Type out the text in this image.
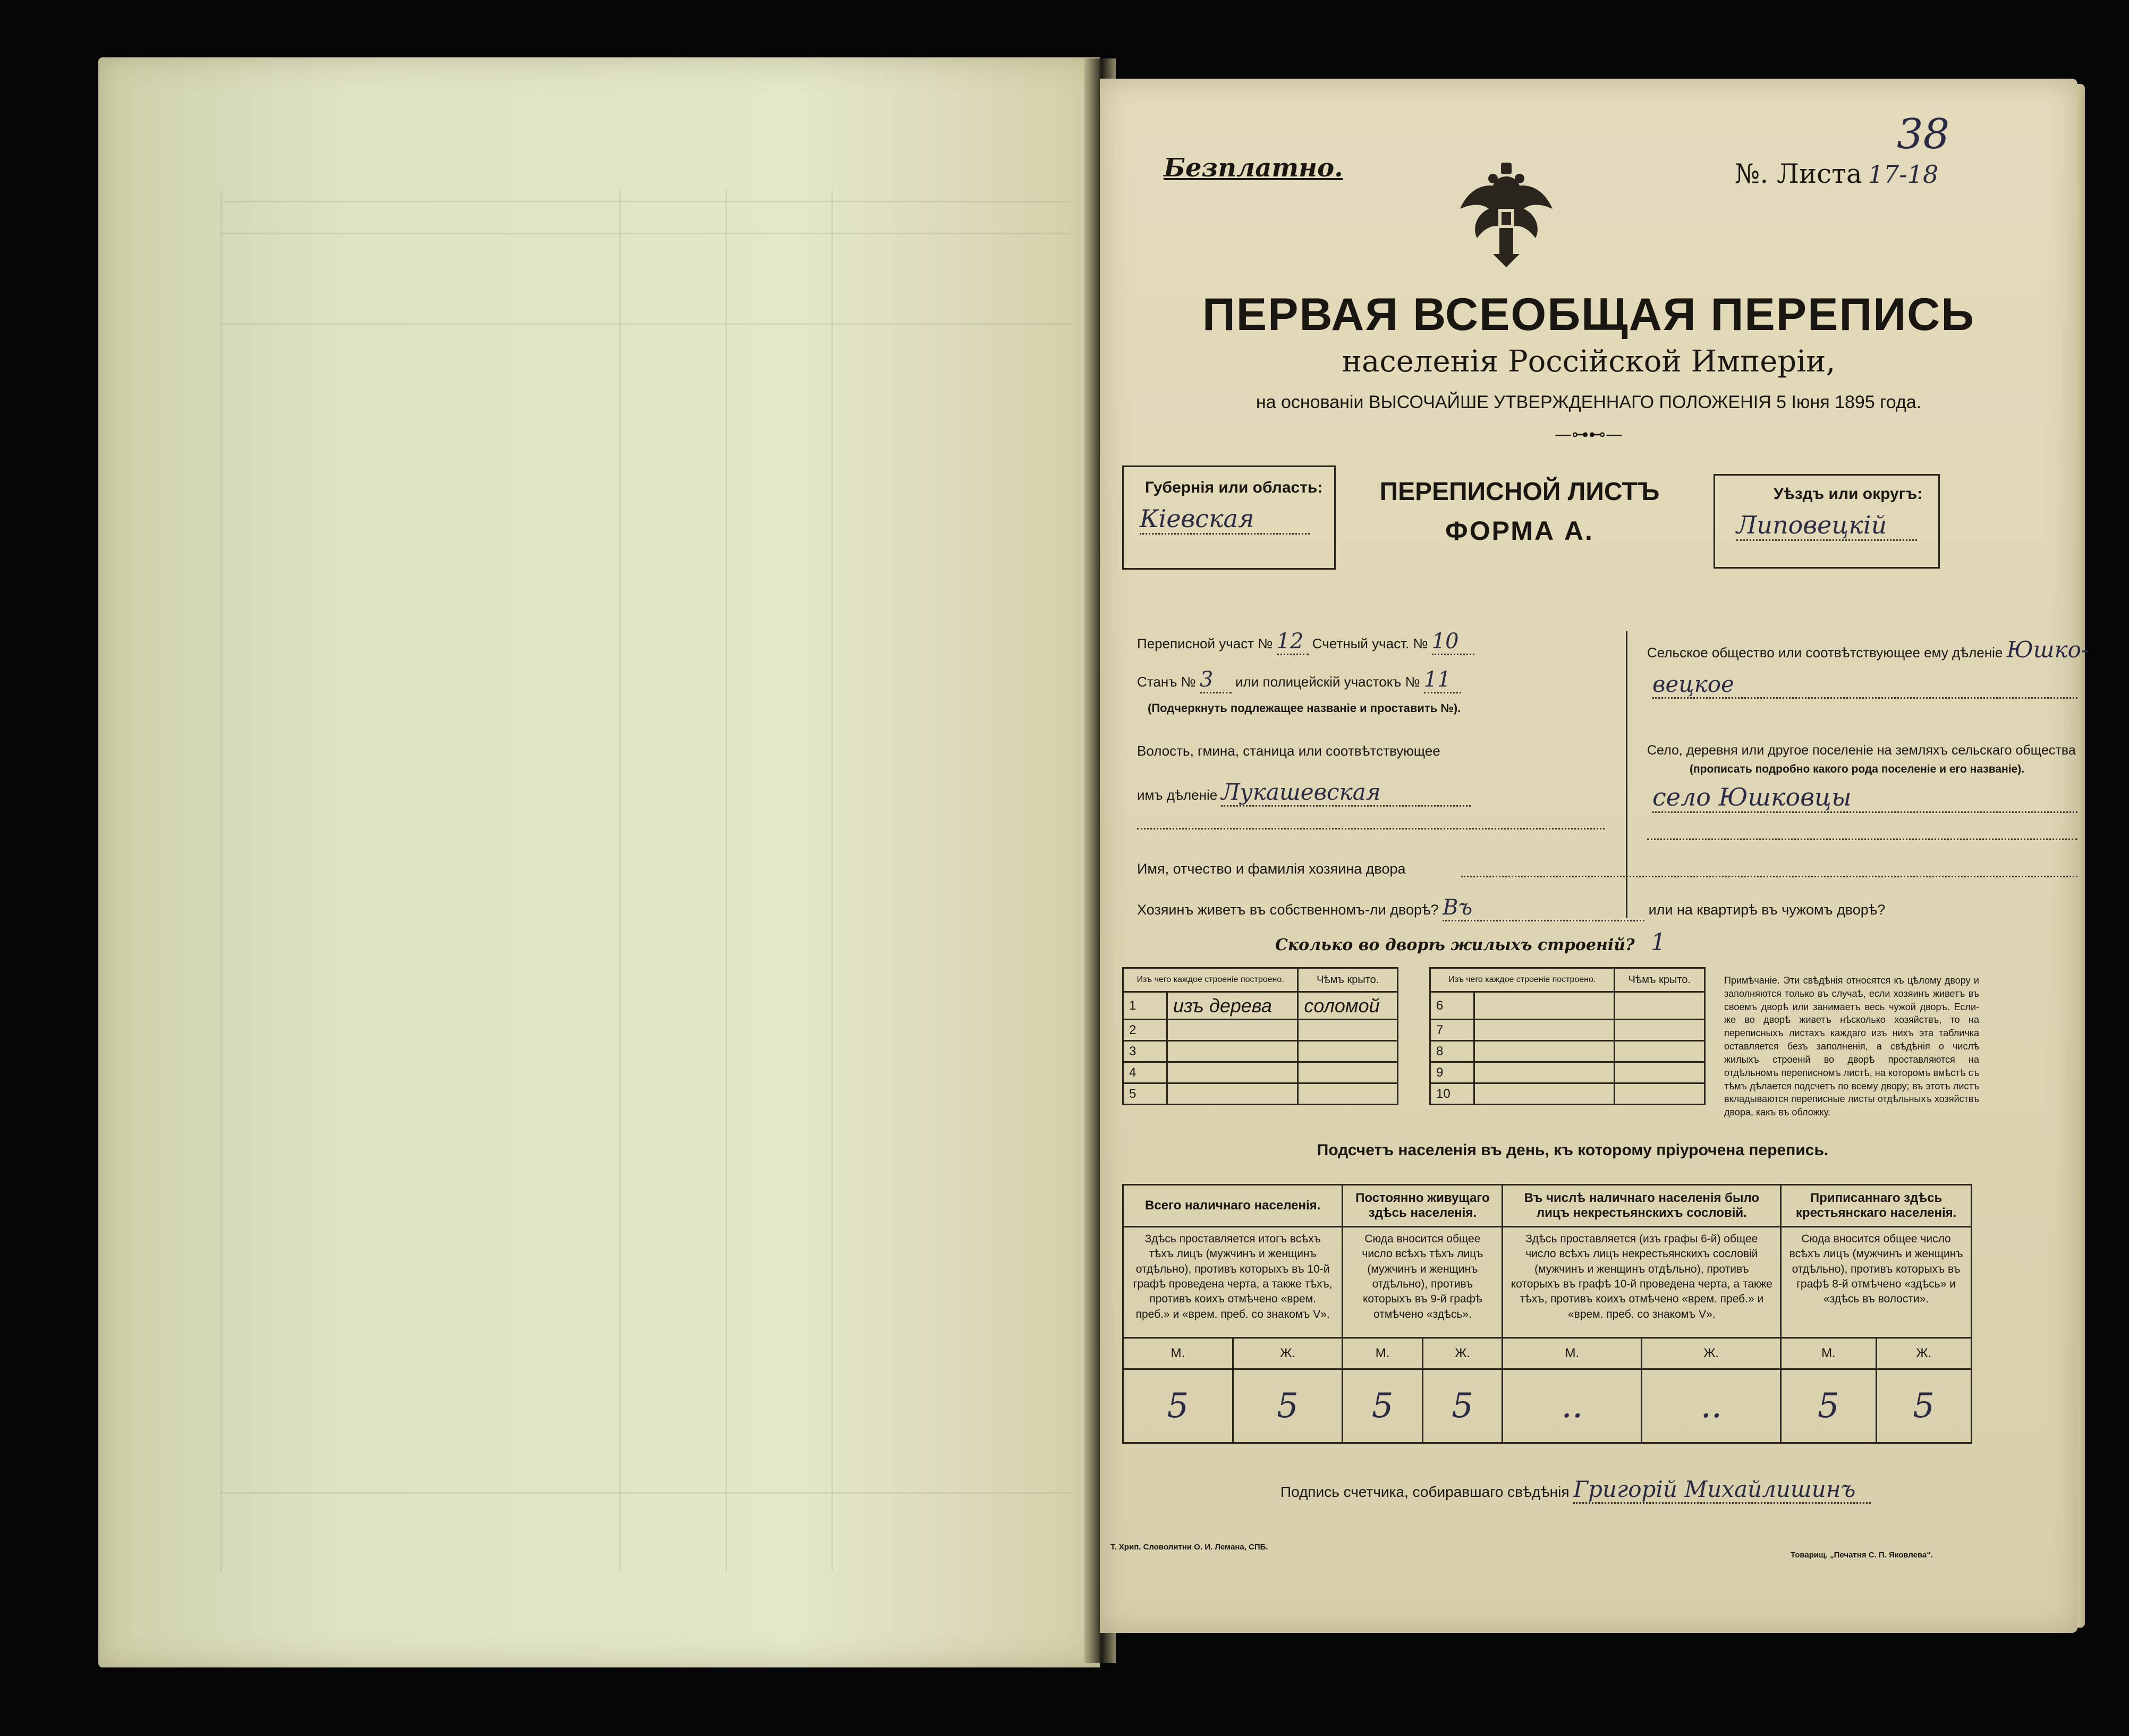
38
Безплатно.	№. Листа 17-18
ПЕРВАЯ ВСЕОБЩАЯ ПЕРЕПИСЬ
населенія Россійской Имперіи,
на основаніи ВЫСОЧАЙШЕ УТВЕРЖДЕННАГО ПОЛОЖЕНІЯ 5 Іюня 1895 года.
—⊶⊷—
Губернія или область:
Кіевская
ПЕРЕПИСНОЙ ЛИСТЪ
ФОРМА А.
Уѣздъ или округъ:
Липовецкій
Переписной участ № 12 Счетный участ. № 10
Станъ № 3 или полицейскій участокъ № 11
(Подчеркнуть подлежащее названіе и проставить №).
Волость, гмина, станица или соотвѣтствующее
имъ дѣленіе Лукашевская
Сельское общество или соотвѣтствующее ему дѣленіе Юшко-
вецкое
Село, деревня или другое поселеніе на земляхъ сельскаго общества
(прописать подробно какого рода поселеніе и его названіе).
село Юшковцы
Имя, отчество и фамилія хозяина двора
Хозяинъ живетъ въ собственномъ-ли дворѣ? Въ	или на квартирѣ въ чужомъ дворѣ?
Сколько во дворѣ жилыхъ строеній? 1
Изъ чего каждое строеніе построено.		Чѣмъ крыто.
1	изъ дерева	соломой
2		
3		
4		
5		
Изъ чего каждое строеніе построено.		Чѣмъ крыто.
6		
7		
8		
9		
10		
Примѣчаніе. Эти свѣдѣнія относятся къ цѣлому двору и заполняются только въ случаѣ, если хозяинъ живетъ въ своемъ дворѣ или занимаетъ весь чужой дворъ. Если-же во дворѣ живетъ нѣсколько хозяйствъ, то на переписныхъ листахъ каждаго изъ нихъ эта табличка оставляется безъ заполненія, а свѣдѣнія о числѣ жилыхъ строеній во дворѣ проставляются на отдѣльномъ переписномъ листѣ, на которомъ вмѣстѣ съ тѣмъ дѣлается подсчетъ по всему двору; въ этотъ листъ вкладываются переписные листы отдѣльныхъ хозяйствъ двора, какъ въ обложку.
Подсчетъ населенія въ день, къ которому пріурочена перепись.
Всего наличнаго населенія.		Постоянно живущаго здѣсь населенія.		Въ числѣ наличнаго населенія было лицъ некрестьянскихъ сословій.		Приписаннаго здѣсь крестьянскаго населенія.	
Здѣсь проставляется итогъ всѣхъ тѣхъ лицъ (мужчинъ и женщинъ отдѣльно), противъ которыхъ въ 10-й графѣ проведена черта, а также тѣхъ, противъ коихъ отмѣчено «врем. преб.» и «врем. преб. со знакомъ V».		Сюда вносится общее число всѣхъ тѣхъ лицъ (мужчинъ и женщинъ отдѣльно), противъ которыхъ въ 9-й графѣ отмѣчено «здѣсь».		Здѣсь проставляется (изъ графы 6-й) общее число всѣхъ лицъ некрестьянскихъ сословій (мужчинъ и женщинъ отдѣльно), противъ которыхъ въ графѣ 10-й проведена черта, а также тѣхъ, противъ коихъ отмѣчено «врем. преб.» и «врем. преб. со знакомъ V».		Сюда вносится общее число всѣхъ лицъ (мужчинъ и женщинъ отдѣльно), противъ которыхъ въ графѣ 8-й отмѣчено «здѣсь» и «здѣсь въ волости».	
М.	Ж.	М.	Ж.	М.	Ж.	М.	Ж.
5	5	5	5	..	..	5	5
Подпись счетчика, собиравшаго свѣдѣнія Григорій Михайлишинъ
Т. Хрип. Словолитни О. И. Лемана, СПБ.
Товарищ. „Печатня С. П. Яковлева“.
